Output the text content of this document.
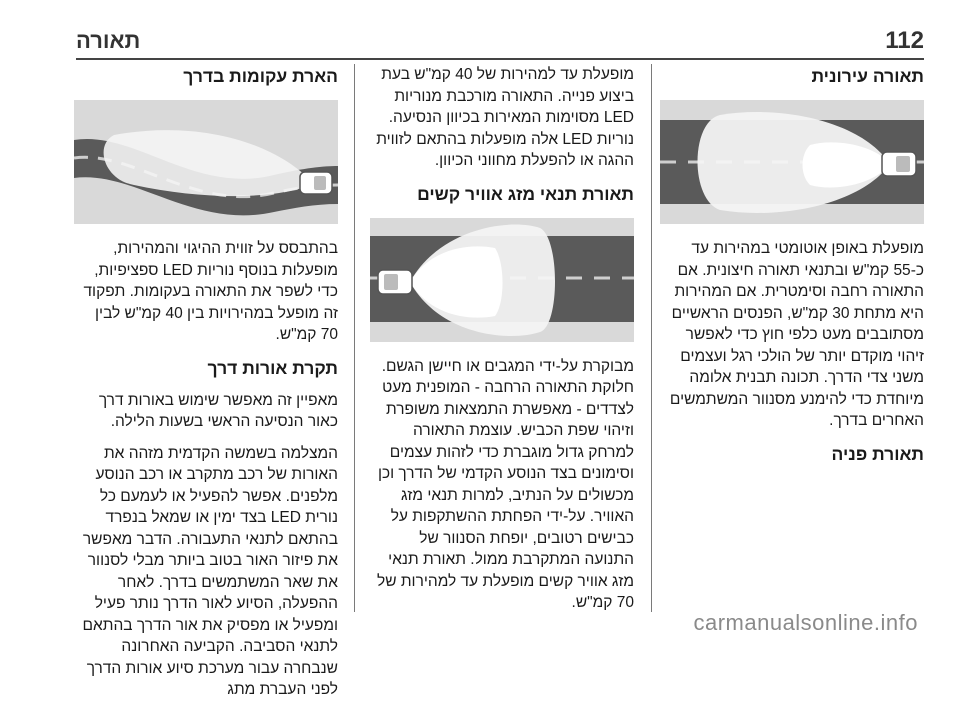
112
תאורה
תאורה עירונית

מופעלת באופן אוטומטי במהירות עד כ-55 קמ"ש ובתנאי תאורה חיצונית. אם התאורה רחבה וסימטרית. אם המהירות היא מתחת 30 קמ"ש, הפנסים הראשיים מסתובבים מעט כלפי חוץ כדי לאפשר זיהוי מוקדם יותר של הולכי רגל ועצמים משני צדי הדרך. תכונה תבנית אלומה מיוחדת כדי להימנע מסנוור המשתמשים האחרים בדרך.

תאורת פניה

מופעלת עד למהירות של 40 קמ"ש בעת ביצוע פנייה. התאורה מורכבת מנוריות LED מסוימות המאירות בכיוון הנסיעה. נוריות LED אלה מופעלות בהתאם לזווית ההגה או להפעלת מחווני הכיוון.

תאורת תנאי מזג אוויר קשים

מבוקרת על-ידי המגבים או חיישן הגשם. חלוקת התאורה הרחבה - המופנית מעט לצדדים - מאפשרת התמצאות משופרת וזיהוי שפת הכביש. עוצמת התאורה למרחק גדול מוגברת כדי לזהות עצמים וסימונים בצד הנוסע הקדמי של הדרך וכן מכשולים על הנתיב, למרות תנאי מזג האוויר. על-ידי הפחתת ההשתקפות על כבישים רטובים, יופחת הסנוור של התנועה המתקרבת ממול. תאורת תנאי מזג אוויר קשים מופעלת עד למהירות של 70 קמ"ש.

הארת עקומות בדרך

בהתבסס על זווית ההיגוי והמהירות, מופעלות בנוסף נוריות LED ספציפיות, כדי לשפר את התאורה בעקומות. תפקוד זה מופעל במהירויות בין 40 קמ"ש לבין 70 קמ"ש.

תקרת אורות דרך

מאפיין זה מאפשר שימוש באורות דרך כאור הנסיעה הראשי בשעות הלילה.

המצלמה בשמשה הקדמית מזהה את האורות של רכב מתקרב או רכב הנוסע מלפנים. אפשר להפעיל או לעמעם כל נורית LED בצד ימין או שמאל בנפרד בהתאם לתנאי התעבורה. הדבר מאפשר את פיזור האור בטוב ביותר מבלי לסנוור את שאר המשתמשים בדרך. לאחר ההפעלה, הסיוע לאור הדרך נותר פעיל ומפעיל או מפסיק את אור הדרך בהתאם לתנאי הסביבה. הקביעה האחרונה שנבחרה עבור מערכת סיוע אורות הדרך לפני העברת מתג

carmanualsonline.info
